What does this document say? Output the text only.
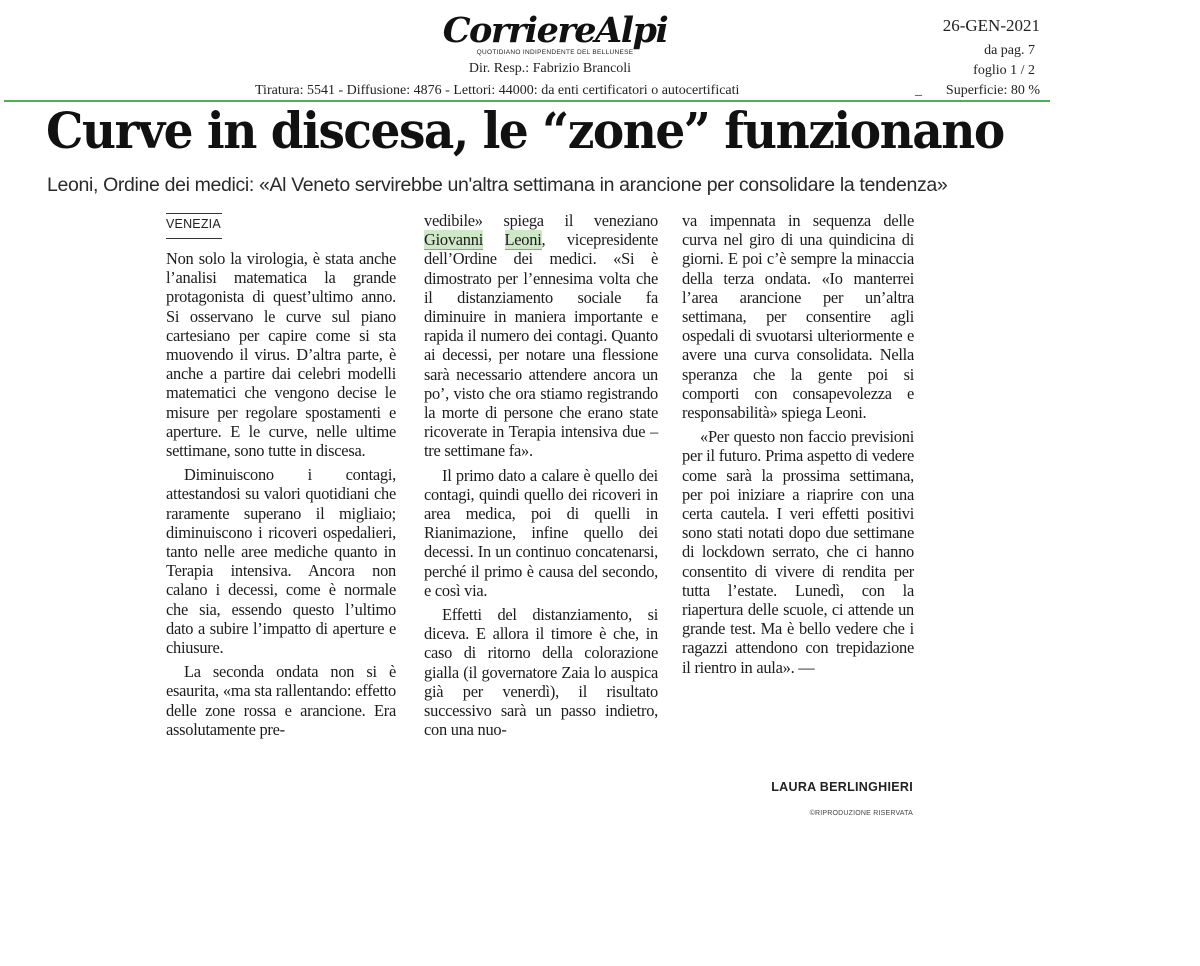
CorriereAlpi
QUOTIDIANO INDIPENDENTE DEL BELLUNESE
Dir. Resp.: Fabrizio Brancoli
Tiratura: 5541 - Diffusione: 4876 - Lettori: 44000: da enti certificatori o autocertificati
26-GEN-2021
da pag. 7
foglio 1 / 2
_ Superficie: 80 %
Curve in discesa, le “zone” funzionano
Leoni, Ordine dei medici: «Al Veneto servirebbe un'altra settimana in arancione per consolidare la tendenza»
VENEZIA

Non solo la virologia, è stata anche l’analisi matematica la grande protagonista di quest’ultimo anno. Si osservano le curve sul piano cartesiano per capire come si sta muovendo il virus. D’altra parte, è anche a partire dai celebri modelli matematici che vengono decise le misure per regolare spostamenti e aperture. E le curve, nelle ultime settimane, sono tutte in discesa.

Diminuiscono i contagi, attestandosi su valori quotidiani che raramente superano il migliaio; diminuiscono i ricoveri ospedalieri, tanto nelle aree mediche quanto in Terapia intensiva. Ancora non calano i decessi, come è normale che sia, essendo questo l’ultimo dato a subire l’impatto di aperture e chiusure.

La seconda ondata non si è esaurita, «ma sta rallentando: effetto delle zone rossa e arancione. Era assolutamente pre-

vedibile» spiega il veneziano Giovanni Leoni, vicepresidente dell’Ordine dei medici. «Si è dimostrato per l’ennesima volta che il distanziamento sociale fa diminuire in maniera importante e rapida il numero dei contagi. Quanto ai decessi, per notare una flessione sarà necessario attendere ancora un po’, visto che ora stiamo registrando la morte di persone che erano state ricoverate in Terapia intensiva due – tre settimane fa».

Il primo dato a calare è quello dei contagi, quindi quello dei ricoveri in area medica, poi di quelli in Rianimazione, infine quello dei decessi. In un continuo concatenarsi, perché il primo è causa del secondo, e così via.

Effetti del distanziamento, si diceva. E allora il timore è che, in caso di ritorno della colorazione gialla (il governatore Zaia lo auspica già per venerdì), il risultato successivo sarà un passo indietro, con una nuo-

va impennata in sequenza delle curva nel giro di una quindicina di giorni. E poi c’è sempre la minaccia della terza ondata. «Io manterrei l’area arancione per un’altra settimana, per consentire agli ospedali di svuotarsi ulteriormente e avere una curva consolidata. Nella speranza che la gente poi si comporti con consapevolezza e responsabilità» spiega Leoni.

«Per questo non faccio previsioni per il futuro. Prima aspetto di vedere come sarà la prossima settimana, per poi iniziare a riaprire con una certa cautela. I veri effetti positivi sono stati notati dopo due settimane di lockdown serrato, che ci hanno consentito di vivere di rendita per tutta l’estate. Lunedì, con la riapertura delle scuole, ci attende un grande test. Ma è bello vedere che i ragazzi attendono con trepidazione il rientro in aula». —

LAURA BERLINGHIERI
©RIPRODUZIONE RISERVATA
